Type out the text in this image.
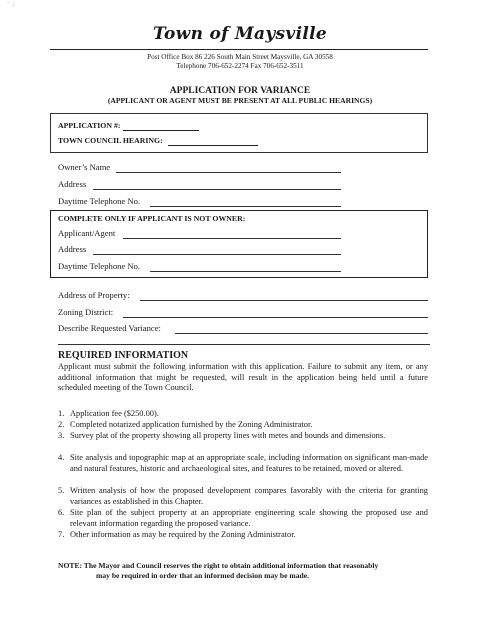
⁻ /
Town of Maysville
Post Office Box 86 226 South Main Street Maysville, GA 30558
Telephone 706-652-2274 Fax 706-652-3511
APPLICATION FOR VARIANCE
(APPLICANT OR AGENT MUST BE PRESENT AT ALL PUBLIC HEARINGS)
APPLICATION #:
TOWN COUNCIL HEARING:
Owner’s Name
Address
Daytime Telephone No.
COMPLETE ONLY IF APPLICANT IS NOT OWNER:
Applicant/Agent
Address
Daytime Telephone No.
Address of Property:
Zoning District:
Describe Requested Variance:
REQUIRED INFORMATION
Applicant must submit the following information with this application. Failure to submit any item, or any additional information that might be requested, will result in the application being held until a future scheduled meeting of the Town Council.
1. Application fee ($250.00).
2. Completed notarized application furnished by the Zoning Administrator.
3. Survey plat of the property showing all property lines with metes and bounds and dimensions.
4. Site analysis and topographic map at an appropriate scale, including information on significant man-made and natural features, historic and archaeological sites, and features to be retained, moved or altered.
5. Written analysis of how the proposed development compares favorably with the criteria for granting variances as established in this Chapter.
6. Site plan of the subject property at an appropriate engineering scale showing the proposed use and relevant information regarding the proposed variance.
7. Other information as may be required by the Zoning Administrator.
NOTE: The Mayor and Council reserves the right to obtain additional information that reasonably
may be required in order that an informed decision may be made.
